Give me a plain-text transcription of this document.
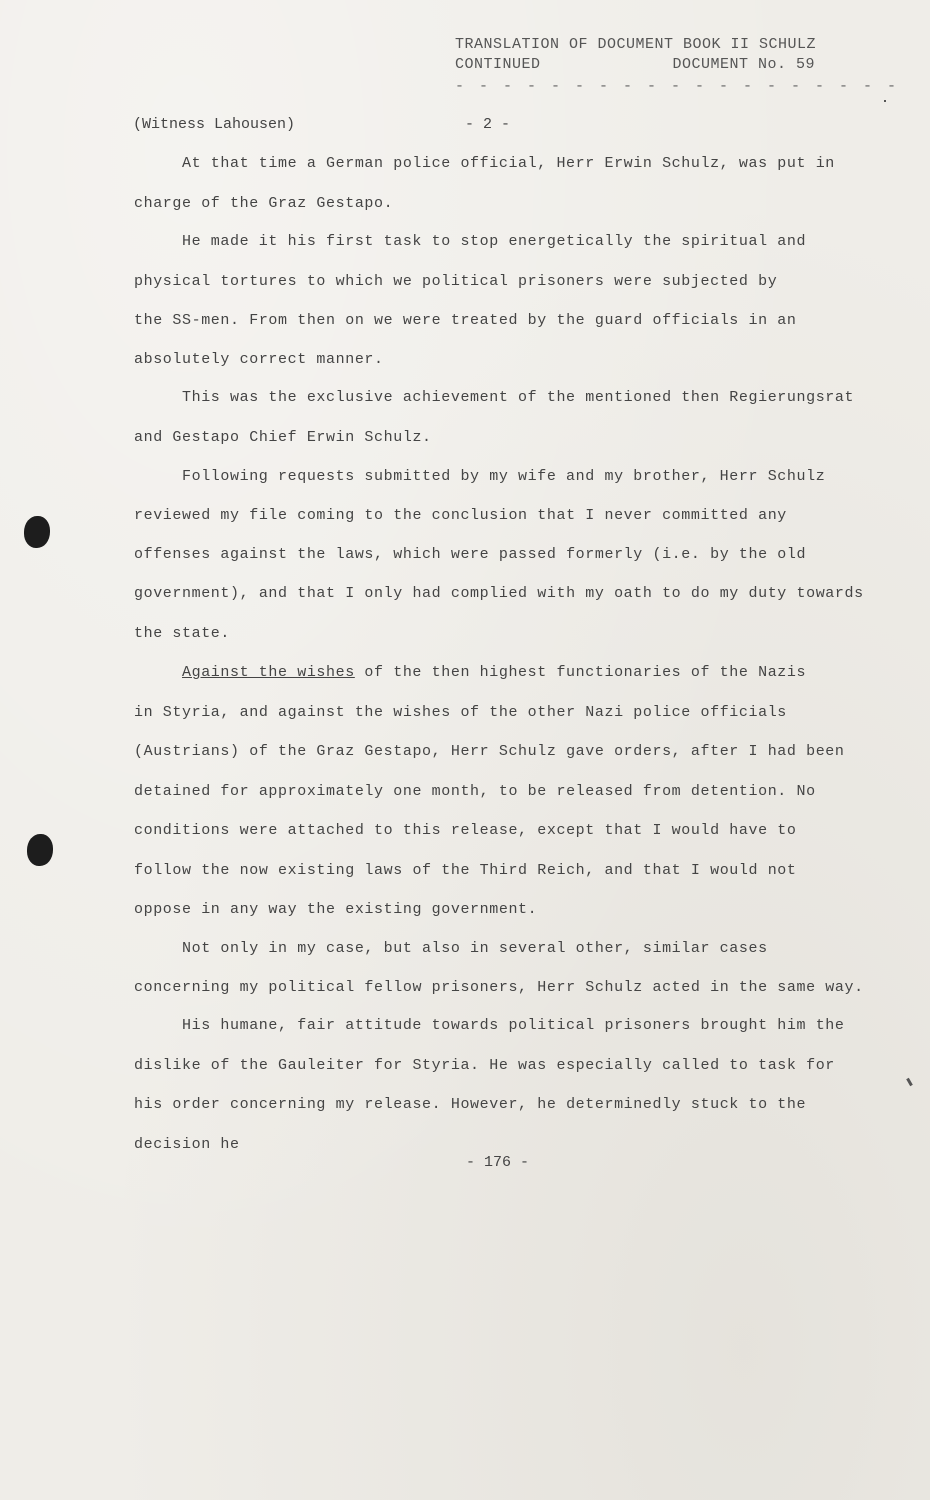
TRANSLATION OF DOCUMENT BOOK II SCHULZ
CONTINUED	DOCUMENT No. 59
- - - - - - - - - - - - - - - - - - -
(Witness Lahousen)	- 2 -
At that time a German police official, Herr Erwin Schulz, was put in
charge of the Graz Gestapo.
He made it his first task to stop energetically the spiritual and
physical tortures to which we political prisoners were subjected by
the SS-men. From then on we were treated by the guard officials in an
absolutely correct manner.
This was the exclusive achievement of the mentioned then Regierungsrat
and Gestapo Chief Erwin Schulz.
Following requests submitted by my wife and my brother, Herr Schulz
reviewed my file coming to the conclusion that I never committed any
offenses against the laws, which were passed formerly (i.e. by the old
government), and that I only had complied with my oath to do my duty towards
the state.
Against the wishes of the then highest functionaries of the Nazis
in Styria, and against the wishes of the other Nazi police officials
(Austrians) of the Graz Gestapo, Herr Schulz gave orders, after I had been
detained for approximately one month, to be released from detention. No
conditions were attached to this release, except that I would have to
follow the now existing laws of the Third Reich, and that I would not
oppose in any way the existing government.
Not only in my case, but also in several other, similar cases
concerning my political fellow prisoners, Herr Schulz acted in the same way.
His humane, fair attitude towards political prisoners brought him the
dislike of the Gauleiter for Styria. He was especially called to task for
his order concerning my release. However, he determinedly stuck to the
decision he
- 176 -
